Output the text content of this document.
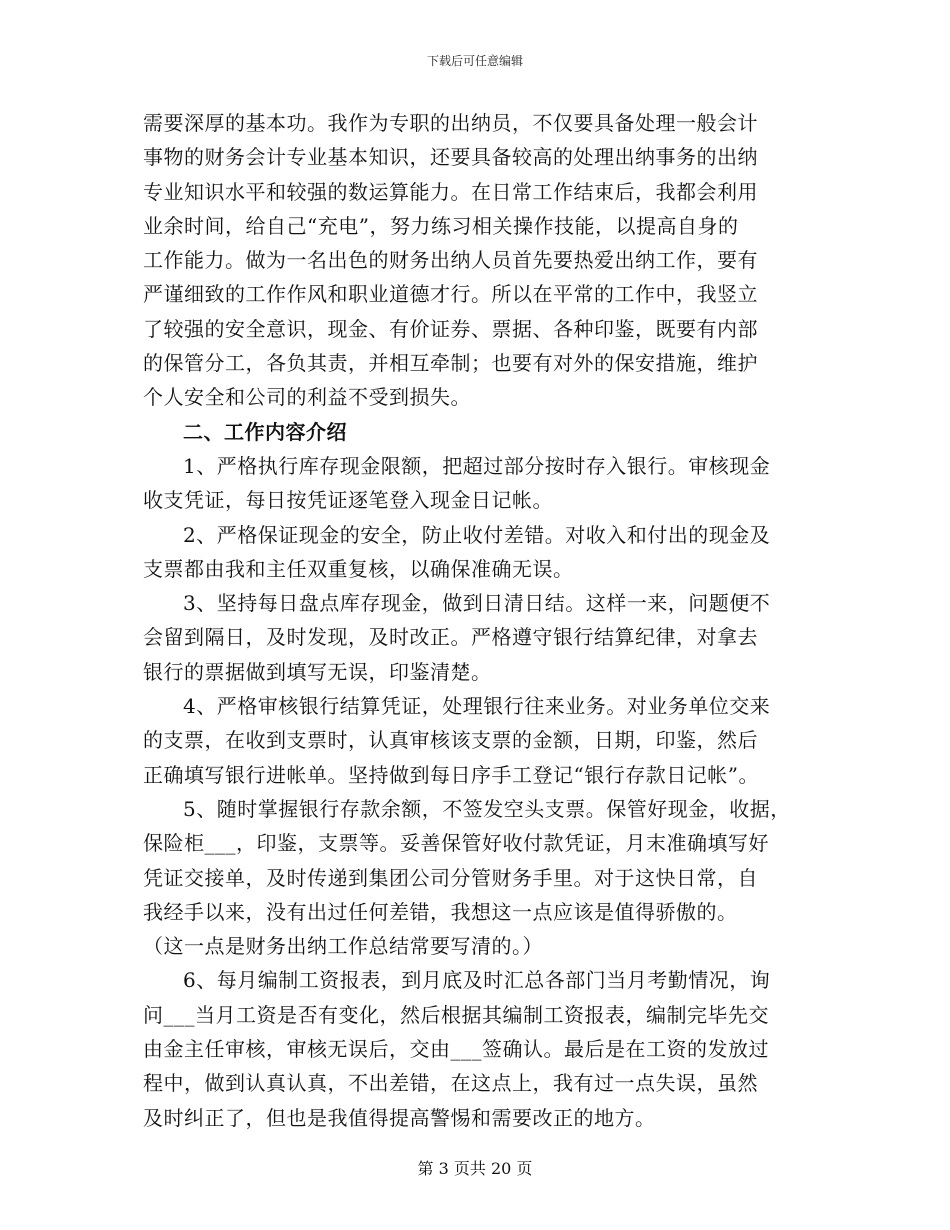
下载后可任意编辑
需要深厚的基本功。我作为专职的出纳员，不仅要具备处理一般会计
事物的财务会计专业基本知识，还要具备较高的处理出纳事务的出纳
专业知识水平和较强的数运算能力。在日常工作结束后，我都会利用
业余时间，给自己“充电”，努力练习相关操作技能，以提高自身的
工作能力。做为一名出色的财务出纳人员首先要热爱出纳工作，要有
严谨细致的工作作风和职业道德才行。所以在平常的工作中，我竖立
了较强的安全意识，现金、有价证券、票据、各种印鉴，既要有内部
的保管分工，各负其责，并相互牵制；也要有对外的保安措施，维护
个人安全和公司的利益不受到损失。
二、工作内容介绍
1、严格执行库存现金限额，把超过部分按时存入银行。审核现金
收支凭证，每日按凭证逐笔登入现金日记帐。
2、严格保证现金的安全，防止收付差错。对收入和付出的现金及
支票都由我和主任双重复核，以确保准确无误。
3、坚持每日盘点库存现金，做到日清日结。这样一来，问题便不
会留到隔日，及时发现，及时改正。严格遵守银行结算纪律，对拿去
银行的票据做到填写无误，印鉴清楚。
4、严格审核银行结算凭证，处理银行往来业务。对业务单位交来
的支票，在收到支票时，认真审核该支票的金额，日期，印鉴，然后
正确填写银行进帐单。坚持做到每日序手工登记“银行存款日记帐”。
5、随时掌握银行存款余额，不签发空头支票。保管好现金，收据，
保险柜___，印鉴，支票等。妥善保管好收付款凭证，月末准确填写好
凭证交接单，及时传递到集团公司分管财务手里。对于这快日常，自
我经手以来，没有出过任何差错，我想这一点应该是值得骄傲的。
（这一点是财务出纳工作总结常要写清的。）
6、每月编制工资报表，到月底及时汇总各部门当月考勤情况，询
问___当月工资是否有变化，然后根据其编制工资报表，编制完毕先交
由金主任审核，审核无误后，交由___签确认。最后是在工资的发放过
程中，做到认真认真，不出差错，在这点上，我有过一点失误，虽然
及时纠正了，但也是我值得提高警惕和需要改正的地方。
第 3 页共 20 页
